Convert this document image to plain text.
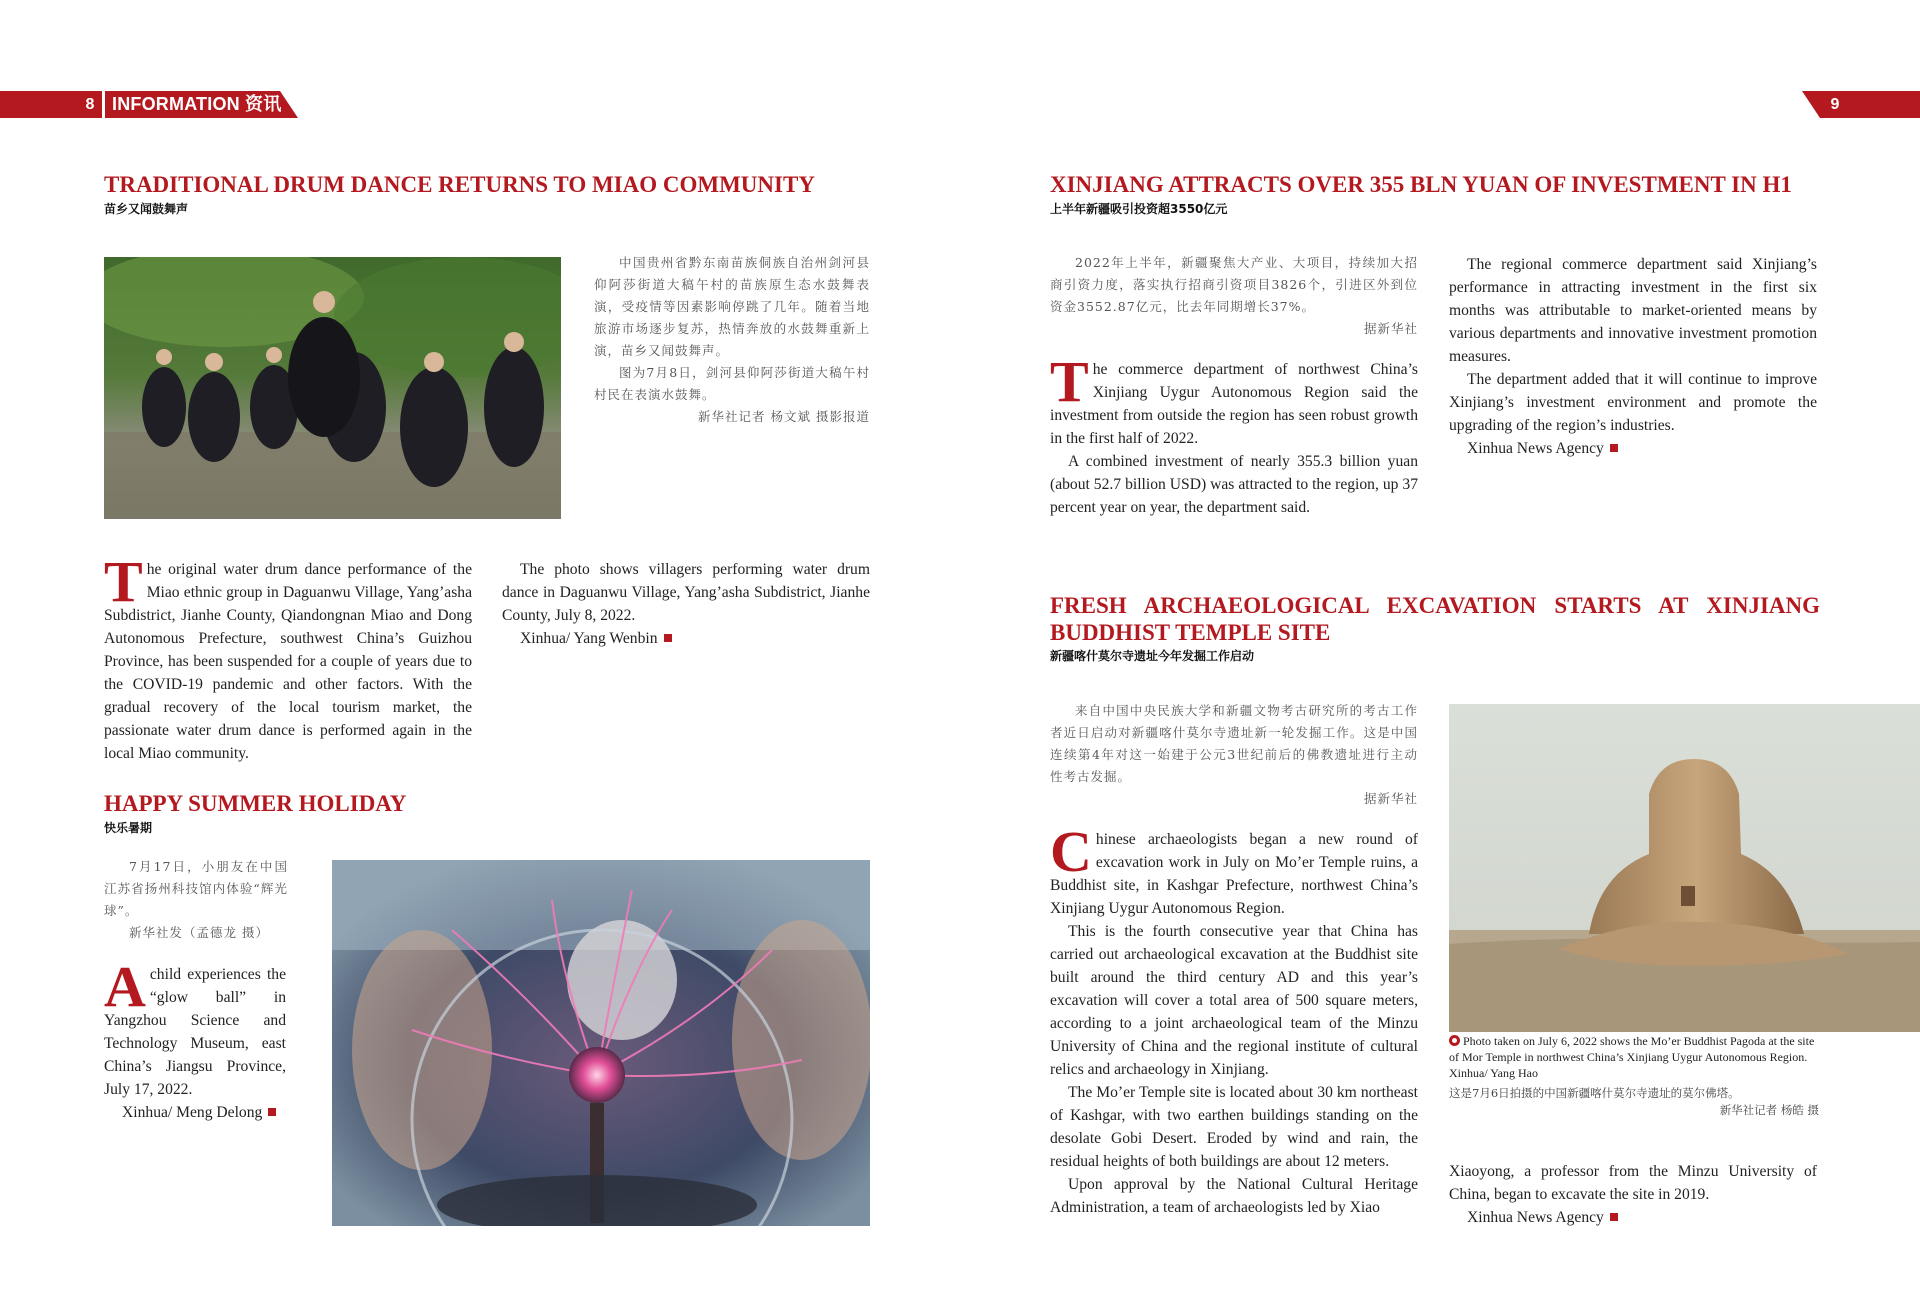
8 INFORMATION 资讯	9
TRADITIONAL DRUM DANCE RETURNS TO MIAO COMMUNITY
苗乡又闻鼓舞声

中国贵州省黔东南苗族侗族自治州剑河县仰阿莎街道大稿午村的苗族原生态水鼓舞表演，受疫情等因素影响停跳了几年。随着当地旅游市场逐步复苏，热情奔放的水鼓舞重新上演，苗乡又闻鼓舞声。

图为7月8日，剑河县仰阿莎街道大稿午村村民在表演水鼓舞。

新华社记者 杨文斌 摄影报道

The original water drum dance performance of the Miao ethnic group in Daguanwu Village, Yang’asha Subdistrict, Jianhe County, Qiandongnan Miao and Dong Autonomous Prefecture, southwest China’s Guizhou Province, has been suspended for a couple of years due to the COVID-19 pandemic and other factors. With the gradual recovery of the local tourism market, the passionate water drum dance is performed again in the local Miao community.

The photo shows villagers performing water drum dance in Daguanwu Village, Yang’asha Subdistrict, Jianhe County, July 8, 2022.

Xinhua/ Yang Wenbin

HAPPY SUMMER HOLIDAY
快乐暑期

7月17日，小朋友在中国江苏省扬州科技馆内体验“辉光球”。

新华社发（孟德龙 摄）

Achild experiences the “glow ball” in Yangzhou Science and Technology Museum, east China’s Jiangsu Province, July 17, 2022.

Xinhua/ Meng Delong

XINJIANG ATTRACTS OVER 355 BLN YUAN OF INVESTMENT IN H1
上半年新疆吸引投资超3550亿元

2022年上半年，新疆聚焦大产业、大项目，持续加大招商引资力度，落实执行招商引资项目3826个，引进区外到位资金3552.87亿元，比去年同期增长37%。

据新华社

The commerce department of northwest China’s Xinjiang Uygur Autonomous Region said the investment from outside the region has seen robust growth in the first half of 2022.

A combined investment of nearly 355.3 billion yuan (about 52.7 billion USD) was attracted to the region, up 37 percent year on year, the department said.

The regional commerce department said Xinjiang’s performance in attracting investment in the first six months was attributable to market-oriented means by various departments and innovative investment promotion measures.

The department added that it will continue to improve Xinjiang’s investment environment and promote the upgrading of the region’s industries.

Xinhua News Agency

FRESH ARCHAEOLOGICAL EXCAVATION STARTS AT XINJIANG BUDDHIST TEMPLE SITE
新疆喀什莫尔寺遗址今年发掘工作启动

来自中国中央民族大学和新疆文物考古研究所的考古工作者近日启动对新疆喀什莫尔寺遗址新一轮发掘工作。这是中国连续第4年对这一始建于公元3世纪前后的佛教遗址进行主动性考古发掘。

据新华社

Chinese archaeologists began a new round of excavation work in July on Mo’er Temple ruins, a Buddhist site, in Kashgar Prefecture, northwest China’s Xinjiang Uygur Autonomous Region.

This is the fourth consecutive year that China has carried out archaeological excavation at the Buddhist site built around the third century AD and this year’s excavation will cover a total area of 500 square meters, according to a joint archaeological team of the Minzu University of China and the regional institute of cultural relics and archaeology in Xinjiang.

The Mo’er Temple site is located about 30 km northeast of Kashgar, with two earthen buildings standing on the desolate Gobi Desert. Eroded by wind and rain, the residual heights of both buildings are about 12 meters.

Upon approval by the National Cultural Heritage Administration, a team of archaeologists led by Xiao

Photo taken on July 6, 2022 shows the Mo’er Buddhist Pagoda at the site of Mor Temple in northwest China’s Xinjiang Uygur Autonomous Region. Xinhua/ Yang Hao
这是7月6日拍摄的中国新疆喀什莫尔寺遗址的莫尔佛塔。
新华社记者 杨皓 摄

Xiaoyong, a professor from the Minzu University of China, began to excavate the site in 2019.

Xinhua News Agency
